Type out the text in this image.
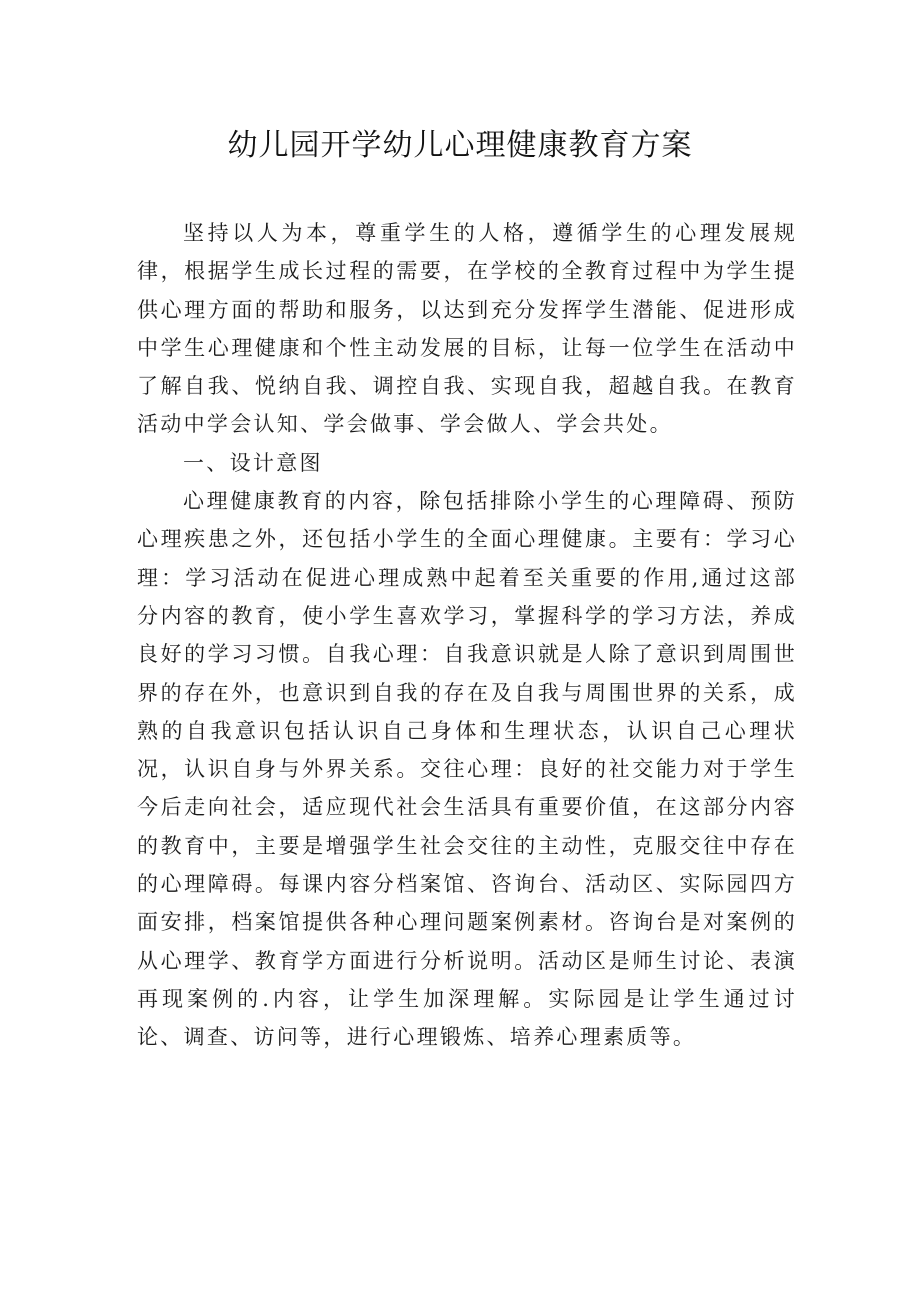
幼儿园开学幼儿心理健康教育方案

坚持以人为本，尊重学生的人格，遵循学生的心理发展规律，根据学生成长过程的需要，在学校的全教育过程中为学生提供心理方面的帮助和服务，以达到充分发挥学生潜能、促进形成中学生心理健康和个性主动发展的目标，让每一位学生在活动中了解自我、悦纳自我、调控自我、实现自我，超越自我。在教育活动中学会认知、学会做事、学会做人、学会共处。

一、设计意图

心理健康教育的内容，除包括排除小学生的心理障碍、预防心理疾患之外，还包括小学生的全面心理健康。主要有：学习心理：学习活动在促进心理成熟中起着至关重要的作用,通过这部分内容的教育，使小学生喜欢学习，掌握科学的学习方法，养成良好的学习习惯。自我心理：自我意识就是人除了意识到周围世界的存在外，也意识到自我的存在及自我与周围世界的关系，成熟的自我意识包括认识自己身体和生理状态，认识自己心理状况，认识自身与外界关系。交往心理：良好的社交能力对于学生今后走向社会，适应现代社会生活具有重要价值，在这部分内容的教育中，主要是增强学生社会交往的主动性，克服交往中存在的心理障碍。每课内容分档案馆、咨询台、活动区、实际园四方面安排，档案馆提供各种心理问题案例素材。咨询台是对案例的从心理学、教育学方面进行分析说明。活动区是师生讨论、表演再现案例的.内容，让学生加深理解。实际园是让学生通过讨论、调查、访问等，进行心理锻炼、培养心理素质等。
